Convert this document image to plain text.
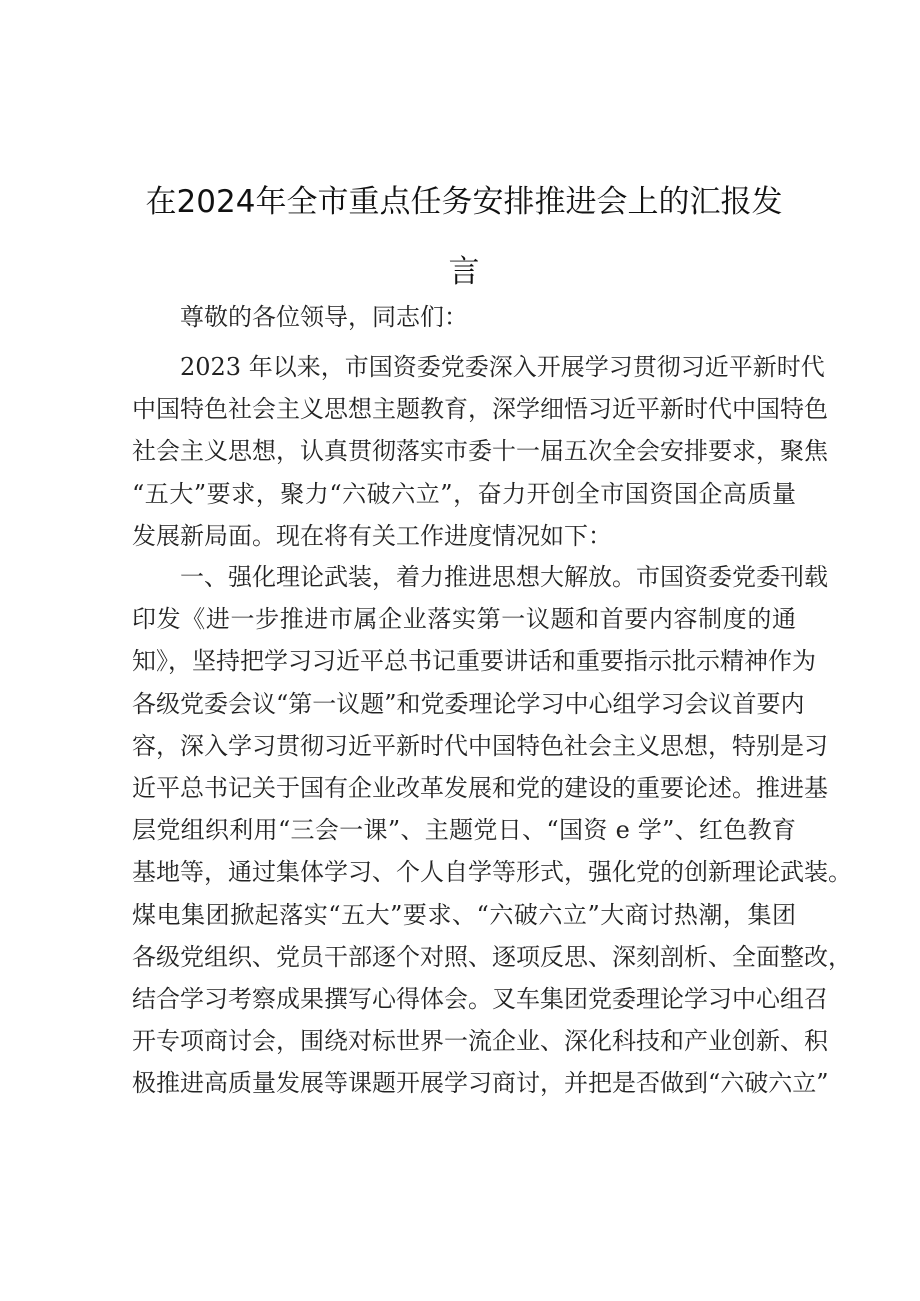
在2024年全市重点任务安排推进会上的汇报发
言
尊敬的各位领导，同志们：
2023 年以来，市国资委党委深入开展学习贯彻习近平新时代
中国特色社会主义思想主题教育，深学细悟习近平新时代中国特色
社会主义思想，认真贯彻落实市委十一届五次全会安排要求，聚焦
“五大”要求，聚力“六破六立”，奋力开创全市国资国企高质量
发展新局面。现在将有关工作进度情况如下：
一、强化理论武装，着力推进思想大解放。市国资委党委刊载
印发《进一步推进市属企业落实第一议题和首要内容制度的通
知》，坚持把学习习近平总书记重要讲话和重要指示批示精神作为
各级党委会议“第一议题”和党委理论学习中心组学习会议首要内
容，深入学习贯彻习近平新时代中国特色社会主义思想，特别是习
近平总书记关于国有企业改革发展和党的建设的重要论述。推进基
层党组织利用“三会一课”、主题党日、“国资 e 学”、红色教育
基地等，通过集体学习、个人自学等形式，强化党的创新理论武装。
煤电集团掀起落实“五大”要求、“六破六立”大商讨热潮，集团
各级党组织、党员干部逐个对照、逐项反思、深刻剖析、全面整改，
结合学习考察成果撰写心得体会。叉车集团党委理论学习中心组召
开专项商讨会，围绕对标世界一流企业、深化科技和产业创新、积
极推进高质量发展等课题开展学习商讨，并把是否做到“六破六立”
